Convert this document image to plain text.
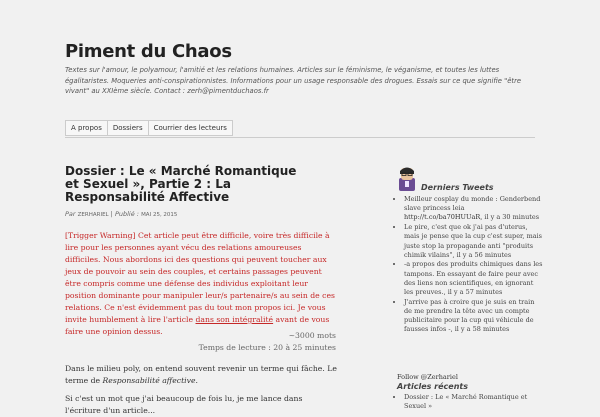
Piment du Chaos

Textes sur l'amour, le polyamour, l'amitié et les relations humaines. Articles sur le féminisme, le véganisme, et toutes les luttes égalitaristes. Moqueries anti-conspirationnistes. Informations pour un usage responsable des drogues. Essais sur ce que signifie "être vivant" au XXIème siècle. Contact : zerh@pimentduchaos.fr

A propos	Dossiers	Courrier des lecteurs
Dossier : Le « Marché Romantique et Sexuel », Partie 2 : La Responsabilité Affective
Par ZERHARIEL | Publié : MAI 25, 2015

[Trigger Warning] Cet article peut être difficile, voire très difficile à lire pour les personnes ayant vécu des relations amoureuses difficiles. Nous abordons ici des questions qui peuvent toucher aux jeux de pouvoir au sein des couples, et certains passages peuvent être compris comme une défense des individus exploitant leur position dominante pour manipuler leur/s partenaire/s au sein de ces relations. Ce n'est évidemment pas du tout mon propos ici. Je vous invite humblement à lire l'article dans son intégralité avant de vous faire une opinion dessus.	~3000 mots
Temps de lecture : 20 à 25 minutes

Dans le milieu poly, on entend souvent revenir un terme qui fâche. Le terme de Responsabilité affective.

Si c'est un mot que j'ai beaucoup de fois lu, je me lance dans l'écriture d'un article...
Derniers Tweets
• Meilleur cosplay du monde : Genderbend slave princess leia http://t.co/ba70HUUaR, il y a 30 minutes
• Le pire, c'est que ok j'ai pas d'uterus, mais je pense que la cup c'est super, mais juste stop la propagande anti "produits chimik vilains", il y a 56 minutes
• -a propos des produits chimiques dans les tampons. En essayant de faire peur avec des liens non scientifiques, en ignorant les preuves., il y a 57 minutes
• J'arrive pas à croire que je suis en train de me prendre la tête avec un compte publicitaire pour la cup qui véhicule de fausses infos -, il y a 58 minutes
Follow @Zerhariel
Articles récents
• Dossier : Le « Marché Romantique et Sexuel »
